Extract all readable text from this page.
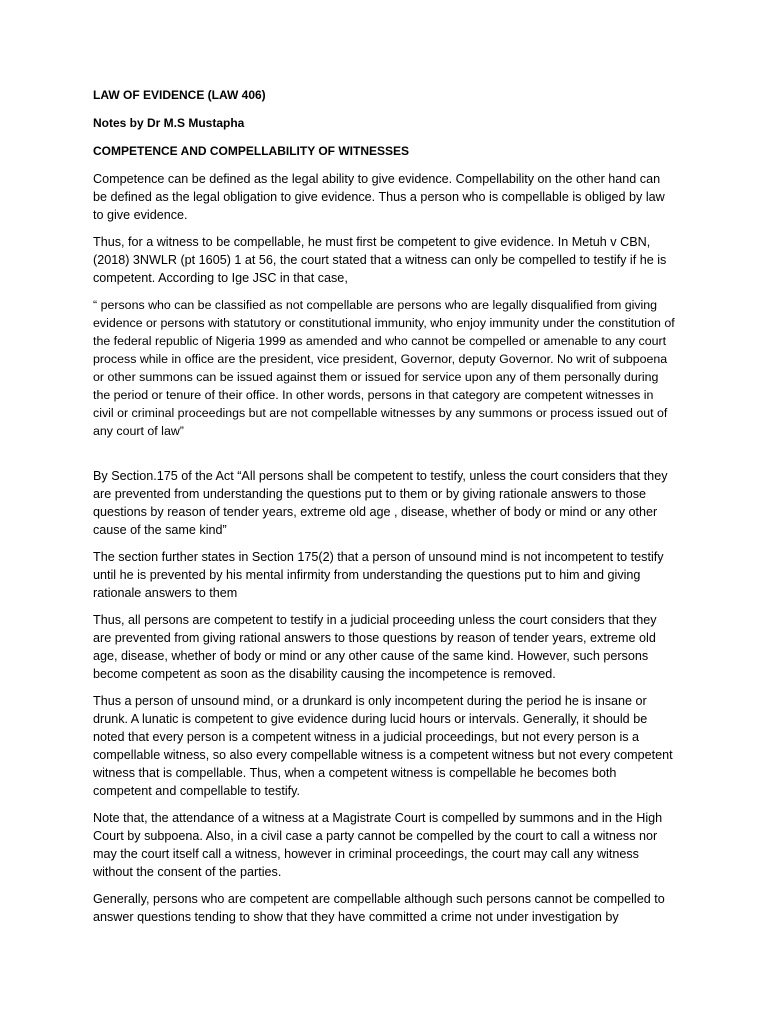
LAW OF EVIDENCE (LAW 406)
Notes by Dr M.S Mustapha
COMPETENCE AND COMPELLABILITY OF WITNESSES

Competence can be defined as the legal ability to give evidence. Compellability on the other hand can be defined as the legal obligation to give evidence. Thus a person who is compellable is obliged by law to give evidence.

Thus, for a witness to be compellable, he must first be competent to give evidence. In Metuh v CBN, (2018) 3NWLR (pt 1605) 1 at 56, the court stated that a witness can only be compelled to testify if he is competent. According to Ige JSC in that case,

“ persons who can be classified as not compellable are persons who are legally disqualified from giving evidence or persons with statutory or constitutional immunity, who enjoy immunity under the constitution of the federal republic of Nigeria 1999 as amended and who cannot be compelled or amenable to any court process while in office are the president, vice president, Governor, deputy Governor. No writ of subpoena or other summons can be issued against them or issued for service upon any of them personally during the period or tenure of their office. In other words, persons in that category are competent witnesses in civil or criminal proceedings but are not compellable witnesses by any summons or process issued out of any court of law”

By Section.175 of the Act “All persons shall be competent to testify, unless the court considers that they are prevented from understanding the questions put to them or by giving rationale answers to those questions by reason of tender years, extreme old age , disease, whether of body or mind or any other cause of the same kind”

The section further states in Section 175(2) that a person of unsound mind is not incompetent to testify until he is prevented by his mental infirmity from understanding the questions put to him and giving rationale answers to them

Thus, all persons are competent to testify in a judicial proceeding unless the court considers that they are prevented from giving rational answers to those questions by reason of tender years, extreme old age, disease, whether of body or mind or any other cause of the same kind. However, such persons become competent as soon as the disability causing the incompetence is removed.

Thus a person of unsound mind, or a drunkard is only incompetent during the period he is insane or drunk. A lunatic is competent to give evidence during lucid hours or intervals. Generally, it should be noted that every person is a competent witness in a judicial proceedings, but not every person is a compellable witness, so also every compellable witness is a competent witness but not every competent witness that is compellable. Thus, when a competent witness is compellable he becomes both competent and compellable to testify.

Note that, the attendance of a witness at a Magistrate Court is compelled by summons and in the High Court by subpoena. Also, in a civil case a party cannot be compelled by the court to call a witness nor may the court itself call a witness, however in criminal proceedings, the court may call any witness without the consent of the parties.

Generally, persons who are competent are compellable although such persons cannot be compelled to answer questions tending to show that they have committed a crime not under investigation by
